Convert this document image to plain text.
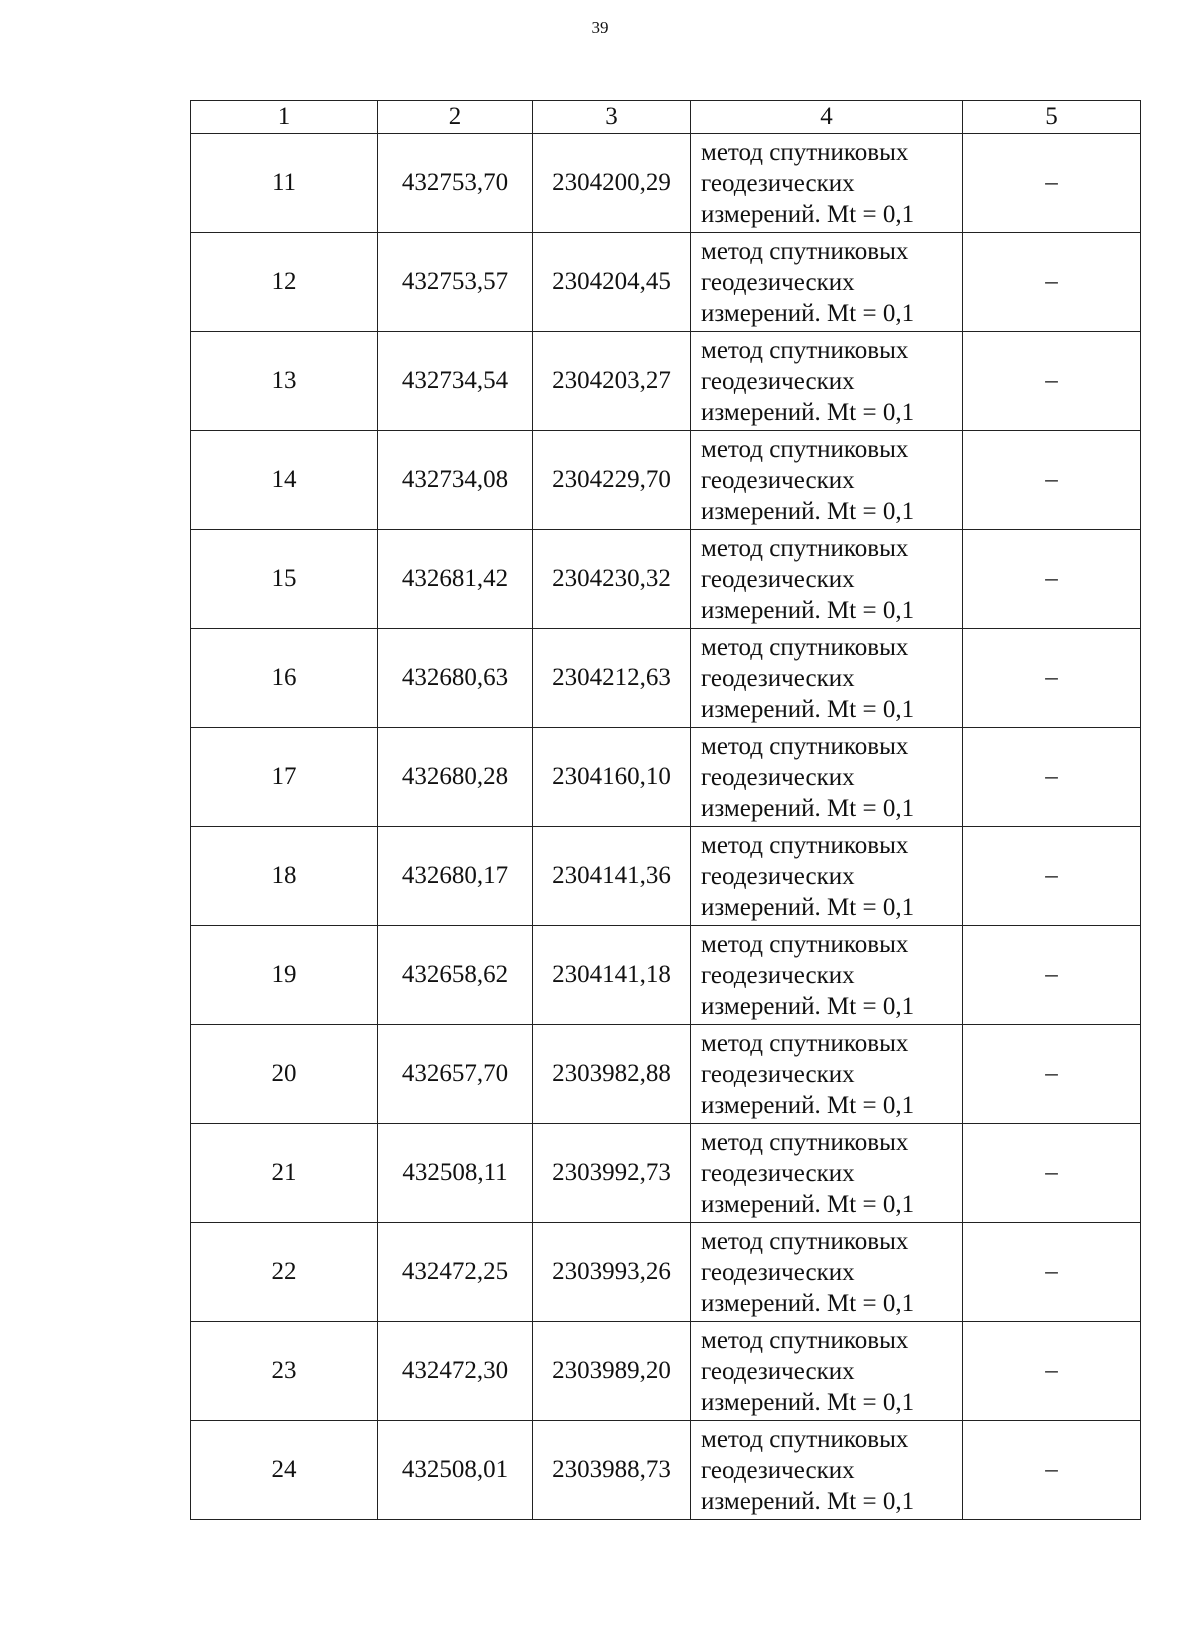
39
1	2	3	4	5
11	432753,70	2304200,29	метод спутниковых
геодезических
измерений. Mt = 0,1	–
12	432753,57	2304204,45	метод спутниковых
геодезических
измерений. Mt = 0,1	–
13	432734,54	2304203,27	метод спутниковых
геодезических
измерений. Mt = 0,1	–
14	432734,08	2304229,70	метод спутниковых
геодезических
измерений. Mt = 0,1	–
15	432681,42	2304230,32	метод спутниковых
геодезических
измерений. Mt = 0,1	–
16	432680,63	2304212,63	метод спутниковых
геодезических
измерений. Mt = 0,1	–
17	432680,28	2304160,10	метод спутниковых
геодезических
измерений. Mt = 0,1	–
18	432680,17	2304141,36	метод спутниковых
геодезических
измерений. Mt = 0,1	–
19	432658,62	2304141,18	метод спутниковых
геодезических
измерений. Mt = 0,1	–
20	432657,70	2303982,88	метод спутниковых
геодезических
измерений. Mt = 0,1	–
21	432508,11	2303992,73	метод спутниковых
геодезических
измерений. Mt = 0,1	–
22	432472,25	2303993,26	метод спутниковых
геодезических
измерений. Mt = 0,1	–
23	432472,30	2303989,20	метод спутниковых
геодезических
измерений. Mt = 0,1	–
24	432508,01	2303988,73	метод спутниковых
геодезических
измерений. Mt = 0,1	–
